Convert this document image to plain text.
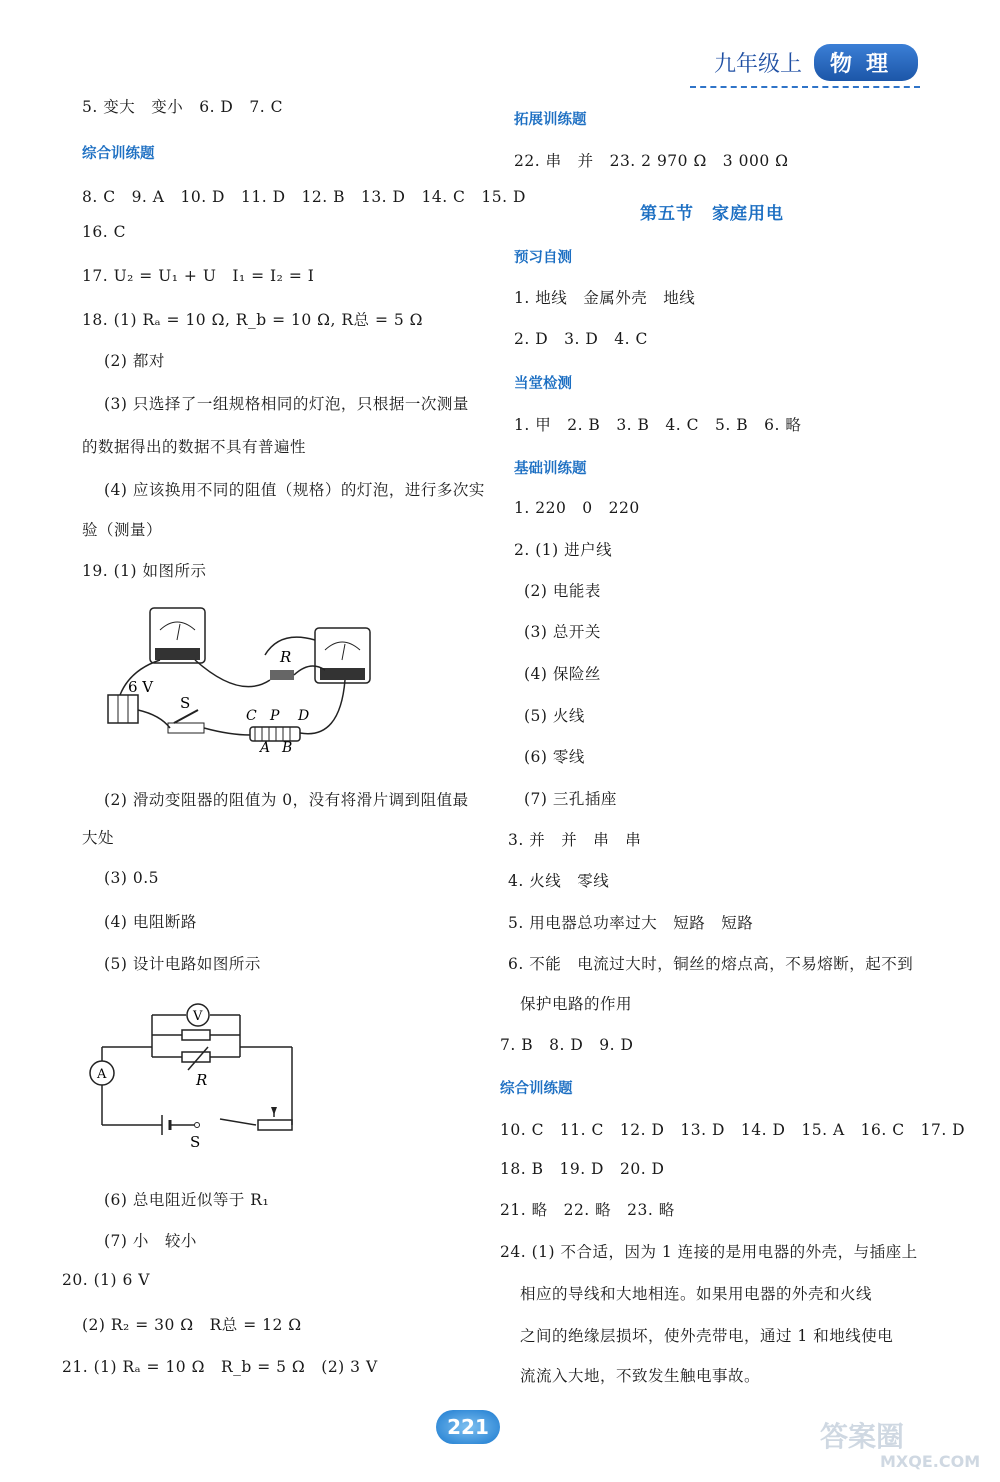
九年级上	物理
5. 变大　变小　6. D　7. C
综合训练题
8. C　9. A　10. D　11. D　12. B　13. D　14. C　15. D
16. C
17. U₂ = U₁ + U　I₁ = I₂ = I
18. (1) Rₐ = 10 Ω, R_b = 10 Ω, R总 = 5 Ω
(2) 都对
(3) 只选择了一组规格相同的灯泡，只根据一次测量
的数据得出的数据不具有普遍性
(4) 应该换用不同的阻值（规格）的灯泡，进行多次实
验（测量）
19. (1) 如图所示
R
6 V
S
C P D
A B
(2) 滑动变阻器的阻值为 0，没有将滑片调到阻值最
大处
(3) 0.5
(4) 电阻断路
(5) 设计电路如图所示
V
A	R
S
(6) 总电阻近似等于 R₁
(7) 小　较小
20. (1) 6 V
(2) R₂ = 30 Ω　R总 = 12 Ω
21. (1) Rₐ = 10 Ω　R_b = 5 Ω　(2) 3 V
拓展训练题
22. 串　并　23. 2 970 Ω　3 000 Ω
第五节　家庭用电
预习自测
1. 地线　金属外壳　地线
2. D　3. D　4. C
当堂检测
1. 甲　2. B　3. B　4. C　5. B　6. 略
基础训练题
1. 220　0　220
2. (1) 进户线
(2) 电能表
(3) 总开关
(4) 保险丝
(5) 火线
(6) 零线
(7) 三孔插座
3. 并　并　串　串
4. 火线　零线
5. 用电器总功率过大　短路　短路
6. 不能　电流过大时，铜丝的熔点高，不易熔断，起不到
保护电路的作用
7. B　8. D　9. D
综合训练题
10. C　11. C　12. D　13. D　14. D　15. A　16. C　17. D
18. B　19. D　20. D
21. 略　22. 略　23. 略
24. (1) 不合适，因为 1 连接的是用电器的外壳，与插座上
相应的导线和大地相连。如果用电器的外壳和火线
之间的绝缘层损坏，使外壳带电，通过 1 和地线使电
流流入大地，不致发生触电事故。
221	答案圈
MXQE.COM
